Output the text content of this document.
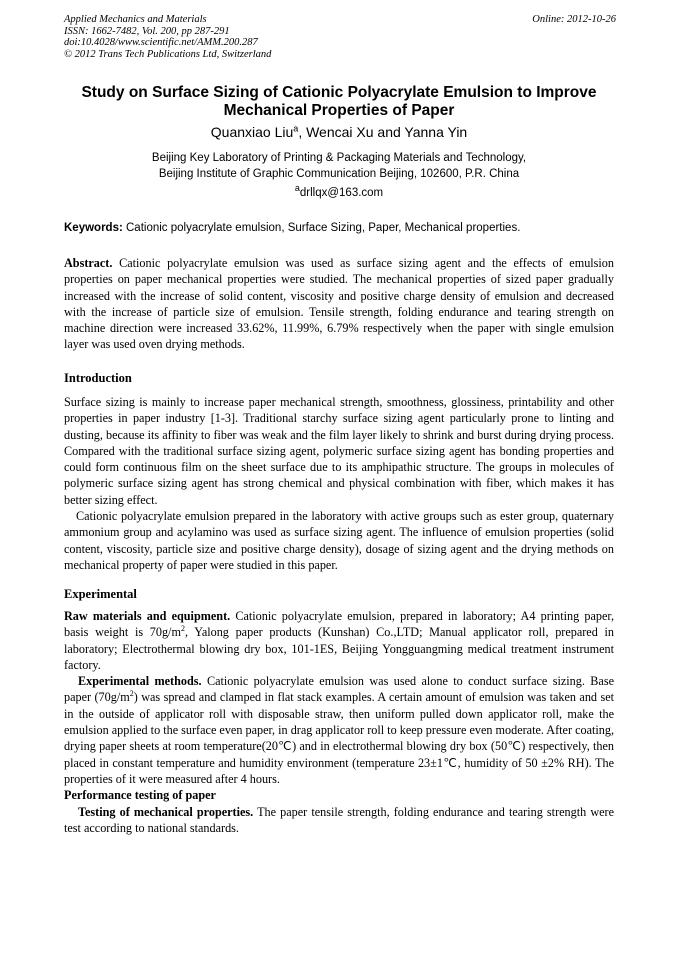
Applied Mechanics and Materials
ISSN: 1662-7482, Vol. 200, pp 287-291
doi:10.4028/www.scientific.net/AMM.200.287
© 2012 Trans Tech Publications Ltd, Switzerland
Online: 2012-10-26
Study on Surface Sizing of Cationic Polyacrylate Emulsion to Improve
Mechanical Properties of Paper
Quanxiao Liu$^a$, Wencai Xu and Yanna Yin
Beijing Key Laboratory of Printing & Packaging Materials and Technology,
Beijing Institute of Graphic Communication Beijing, 102600, P.R. China
$^a$drllqx@163.com
Keywords: Cationic polyacrylate emulsion, Surface Sizing, Paper, Mechanical properties.

Abstract. Cationic polyacrylate emulsion was used as surface sizing agent and the effects of emulsion properties on paper mechanical properties were studied. The mechanical properties of sized paper gradually increased with the increase of solid content, viscosity and positive charge density of emulsion and decreased with the increase of particle size of emulsion. Tensile strength, folding endurance and tearing strength on machine direction were increased 33.62%, 11.99%, 6.79% respectively when the paper with single emulsion layer was used oven drying methods.

Introduction

Surface sizing is mainly to increase paper mechanical strength, smoothness, glossiness, printability and other properties in paper industry [1-3]. Traditional starchy surface sizing agent particularly prone to linting and dusting, because its affinity to fiber was weak and the film layer likely to shrink and burst during drying process. Compared with the traditional surface sizing agent, polymeric surface sizing agent has bonding properties and could form continuous film on the sheet surface due to its amphipathic structure. The groups in molecules of polymeric surface sizing agent has strong chemical and physical combination with fiber, which makes it has better sizing effect.

Cationic polyacrylate emulsion prepared in the laboratory with active groups such as ester group, quaternary ammonium group and acylamino was used as surface sizing agent. The influence of emulsion properties (solid content, viscosity, particle size and positive charge density), dosage of sizing agent and the drying methods on mechanical property of paper were studied in this paper.

Experimental

Raw materials and equipment. Cationic polyacrylate emulsion, prepared in laboratory; A4 printing paper, basis weight is $70g/m^2$, Yalong paper products (Kunshan) Co.,LTD; Manual applicator roll, prepared in laboratory; Electrothermal blowing dry box, 101-1ES, Beijing Yongguangming medical treatment instrument factory.

Experimental methods. Cationic polyacrylate emulsion was used alone to conduct surface sizing. Base paper $(70g/m^2)$ was spread and clamped in flat stack examples. A certain amount of emulsion was taken and set in the outside of applicator roll with disposable straw, then uniform pulled down applicator roll, make the emulsion applied to the surface even paper, in drag applicator roll to keep pressure even moderate. After coating, drying paper sheets at room temperature(20℃) and in electrothermal blowing dry box (50℃) respectively, then placed in constant temperature and humidity environment (temperature 23±1℃, humidity of 50 ±2% RH). The properties of it were measured after 4 hours.

Performance testing of paper

Testing of mechanical properties. The paper tensile strength, folding endurance and tearing strength were test according to national standards.
